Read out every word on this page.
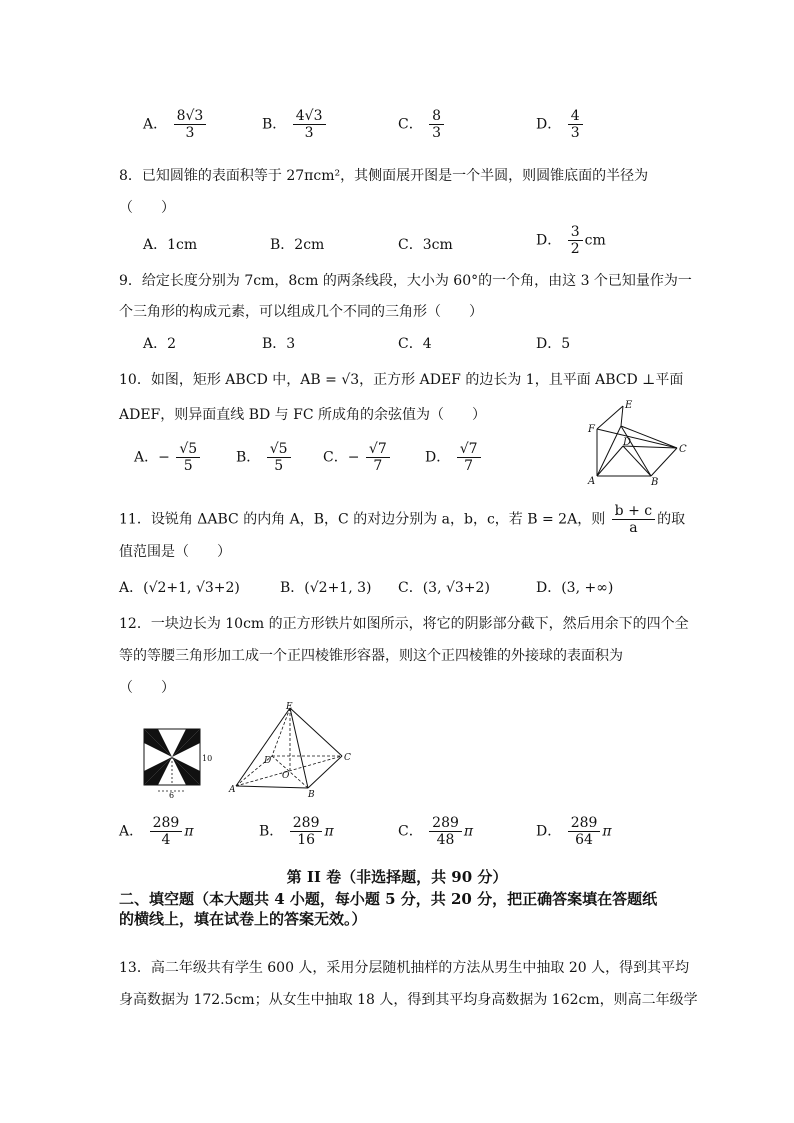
A． $\frac{8√3}{3}$	B． $\frac{4√3}{3}$	C． $\frac{8}{3}$	D． $\frac{4}{3}$
8．已知圆锥的表面积等于 27πcm²，其侧面展开图是一个半圆，则圆锥底面的半径为
（　　）
A．1cm	B．2cm	C．3cm	D． $\frac{3}{2}$ cm
9．给定长度分别为 7cm，8cm 的两条线段，大小为 60°的一个角，由这 3 个已知量作为一
个三角形的构成元素，可以组成几个不同的三角形（　　）
A．2	B．3	C．4	D．5
10．如图，矩形 ABCD 中，AB = √3，正方形 ADEF 的边长为 1，且平面 ABCD ⊥平面
ADEF，则异面直线 BD 与 FC 所成角的余弦值为（　　）
A．− $\frac{√5}{5}$	B． $\frac{√5}{5}$ C．− $\frac{√7}{7}$	D． $\frac{√7}{7}$
E
F
D
C
A	B
11．设锐角 ΔABC 的内角 A，B，C 的对边分别为 a，b，c，若 B = 2A，则 $\frac{b + c}{a}$ 的取
值范围是（　　）
A．(√2+1, √3+2)	B．(√2+1, 3) C．(3, √3+2)	D．(3, +∞)
12．一块边长为 10cm 的正方形铁片如图所示，将它的阴影部分截下，然后用余下的四个全
等的等腰三角形加工成一个正四棱锥形容器，则这个正四棱锥的外接球的表面积为
（　　）
10
5
6
E
D	C
O
A	B
A． $\frac{289}{4}$ π	B． $\frac{289}{16}$ π	C． $\frac{289}{48}$ π	D． $\frac{289}{64}$ π
第 II 卷（非选择题，共 90 分）
二、填空题（本大题共 4 小题，每小题 5 分，共 20 分，把正确答案填在答题纸
的横线上，填在试卷上的答案无效。）
13．高二年级共有学生 600 人，采用分层随机抽样的方法从男生中抽取 20 人，得到其平均
身高数据为 172.5cm；从女生中抽取 18 人，得到其平均身高数据为 162cm，则高二年级学
